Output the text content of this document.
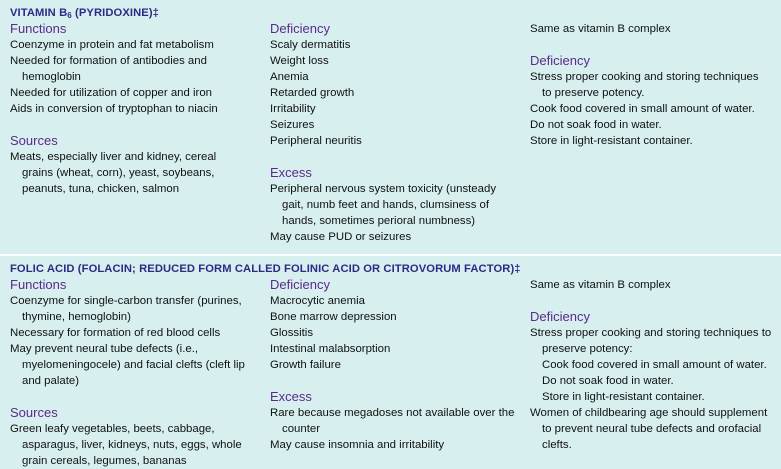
VITAMIN $B_6$ (PYRIDOXINE)‡
Functions
Coenzyme in protein and fat metabolism
Needed for formation of antibodies and hemoglobin
Needed for utilization of copper and iron
Aids in conversion of tryptophan to niacin
Sources
Meats, especially liver and kidney, cereal grains (wheat, corn), yeast, soybeans, peanuts, tuna, chicken, salmon
Deficiency
Scaly dermatitis
Weight loss
Anemia
Retarded growth
Irritability
Seizures
Peripheral neuritis
Excess
Peripheral nervous system toxicity (unsteady gait, numb feet and hands, clumsiness of hands, sometimes perioral numbness)
May cause PUD or seizures
Same as vitamin B complex
Deficiency
Stress proper cooking and storing techniques to preserve potency.
Cook food covered in small amount of water.
Do not soak food in water.
Store in light-resistant container.
FOLIC ACID (FOLACIN; REDUCED FORM CALLED FOLINIC ACID OR CITROVORUM FACTOR)‡
Functions
Coenzyme for single-carbon transfer (purines, thymine, hemoglobin)
Necessary for formation of red blood cells
May prevent neural tube defects (i.e., myelomeningocele) and facial clefts (cleft lip and palate)
Sources
Green leafy vegetables, beets, cabbage, asparagus, liver, kidneys, nuts, eggs, whole grain cereals, legumes, bananas
Deficiency
Macrocytic anemia
Bone marrow depression
Glossitis
Intestinal malabsorption
Growth failure
Excess
Rare because megadoses not available over the counter
May cause insomnia and irritability
Same as vitamin B complex
Deficiency
Stress proper cooking and storing techniques to preserve potency:
Cook food covered in small amount of water.
Do not soak food in water.
Store in light-resistant container.
Women of childbearing age should supplement to prevent neural tube defects and orofacial clefts.
